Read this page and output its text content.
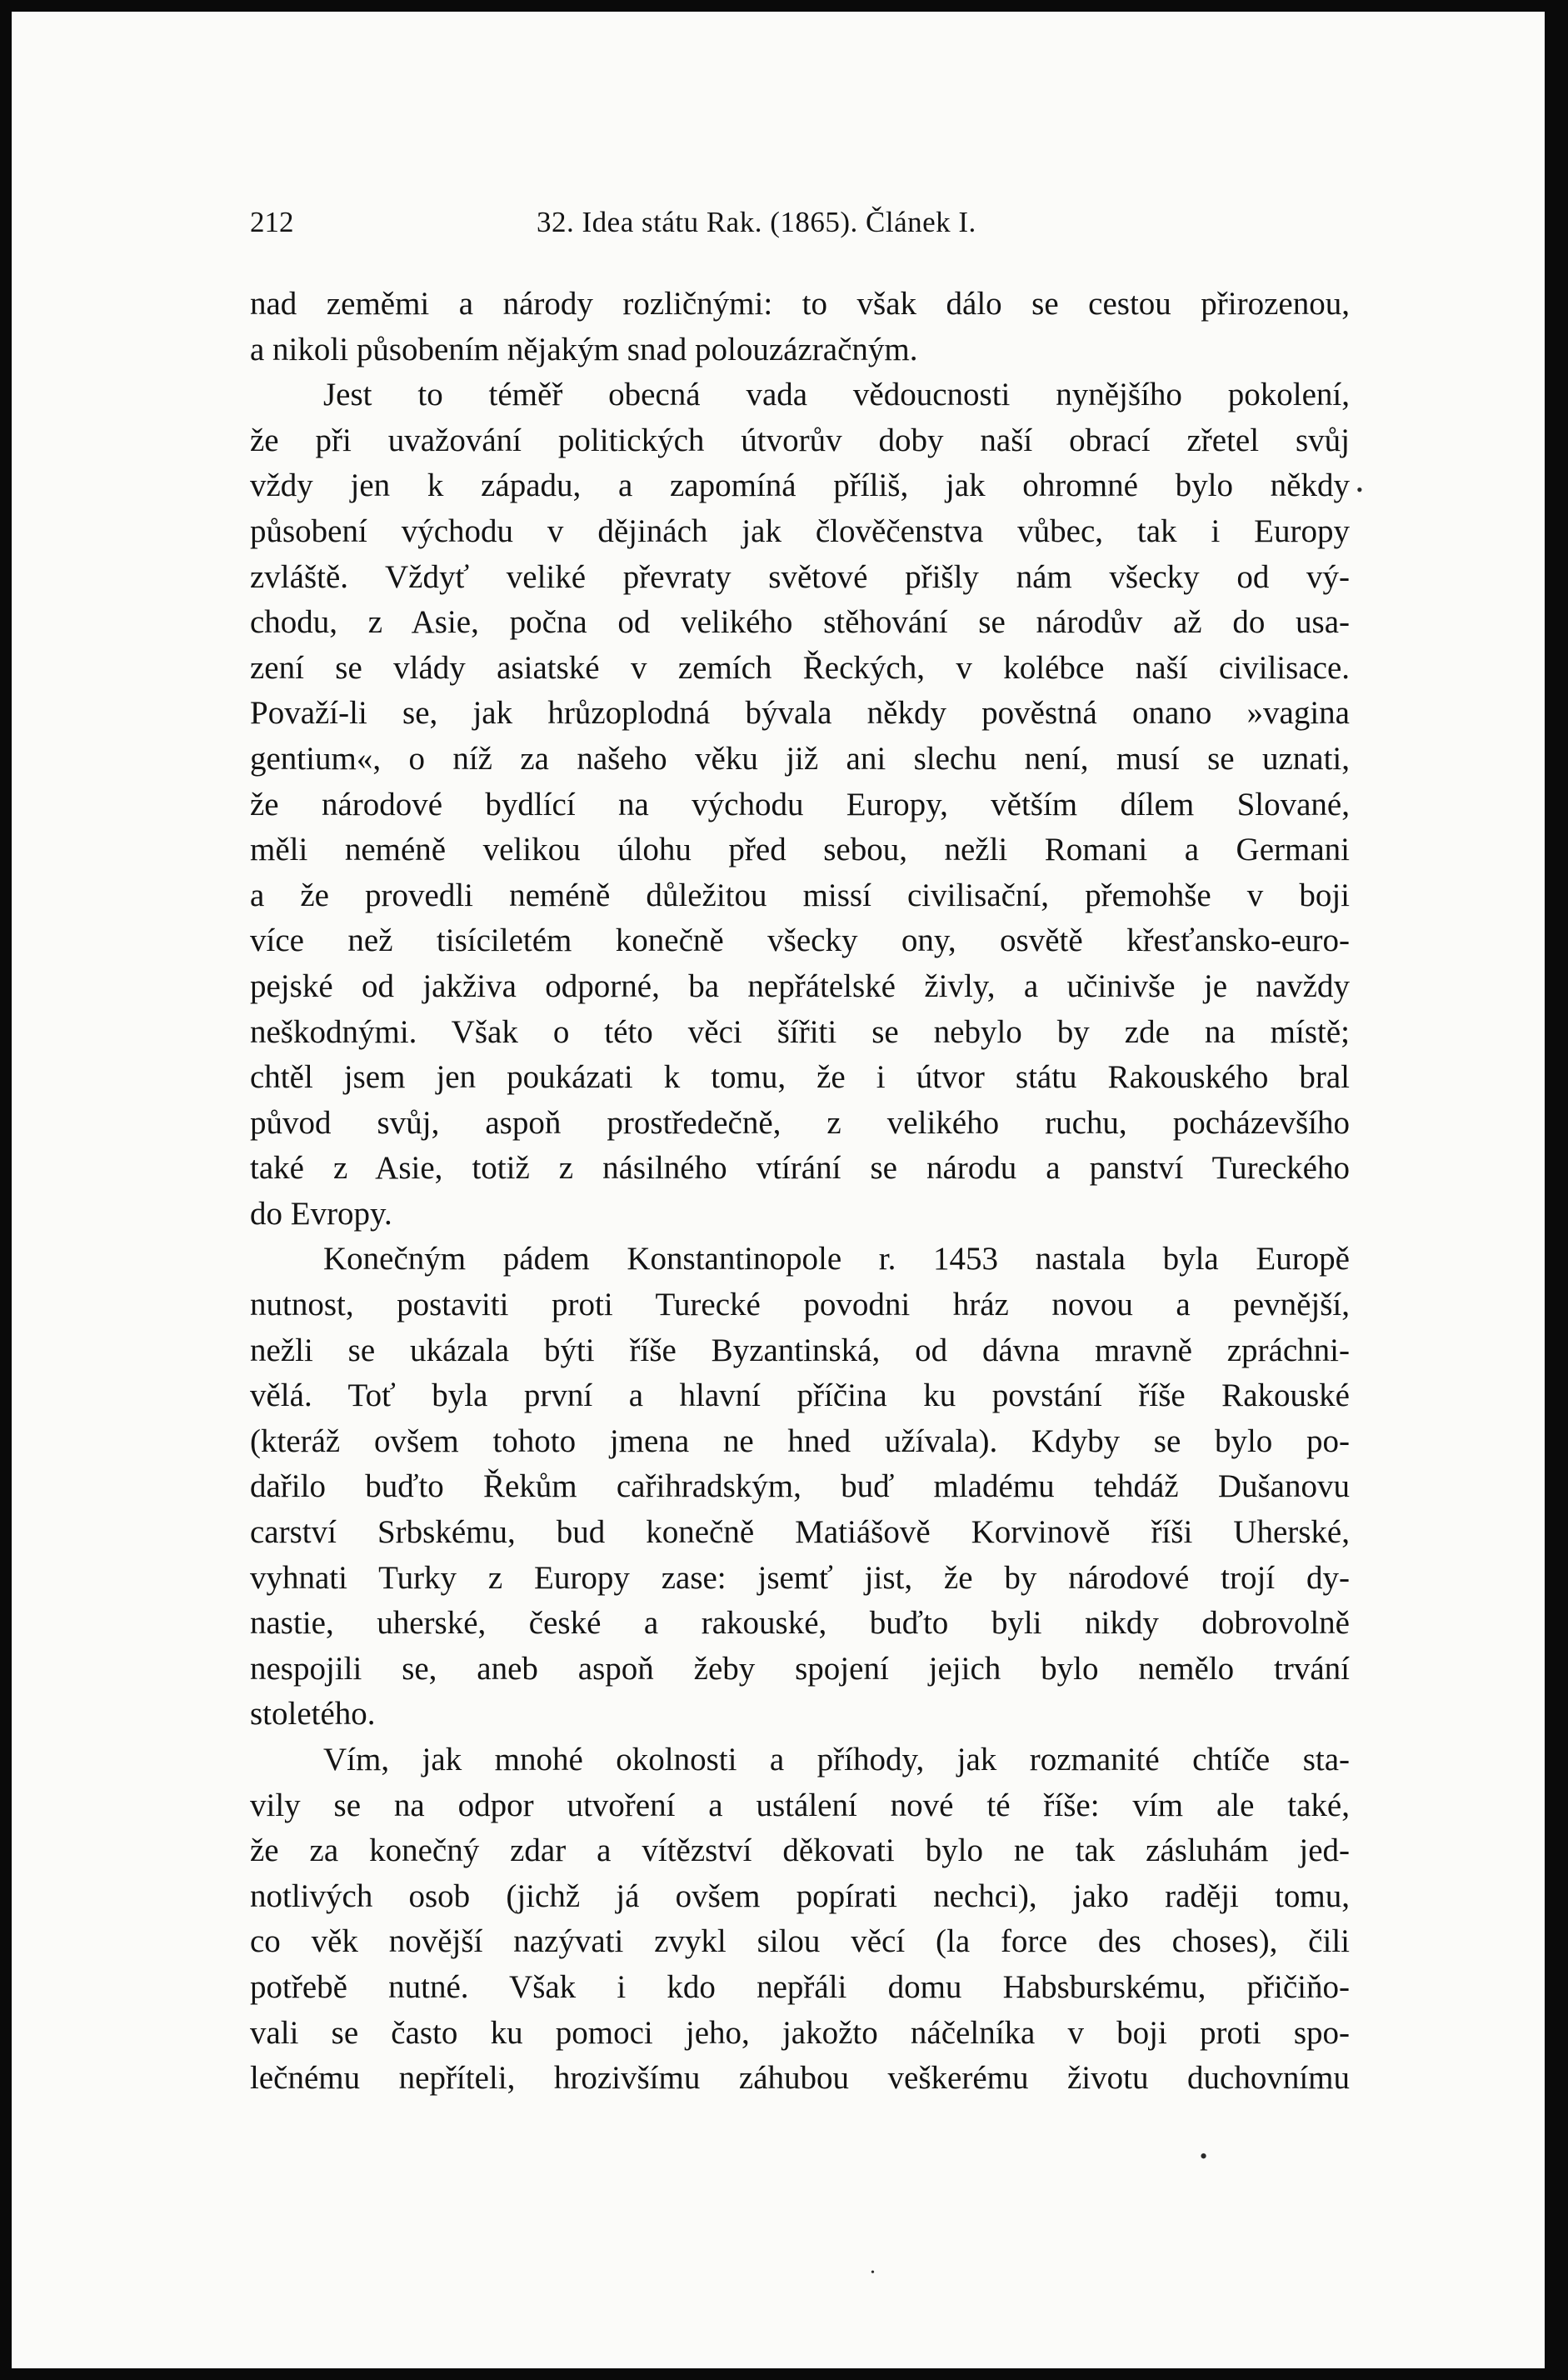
212	32. Idea státu Rak. (1865). Článek I.
nad zeměmi a národy rozličnými: to však dálo se cestou přirozenou,
a nikoli působením nějakým snad polouzázračným.
Jest to téměř obecná vada vědoucnosti nynějšího pokolení,
že při uvažování politických útvorův doby naší obrací zřetel svůj
vždy jen k západu, a zapomíná příliš, jak ohromné bylo někdy
působení východu v dějinách jak člověčenstva vůbec, tak i Europy
zvláště. Vždyť veliké převraty světové přišly nám všecky od vý-
chodu, z Asie, počna od velikého stěhování se národův až do usa-
zení se vlády asiatské v zemích Řeckých, v kolébce naší civilisace.
Považí-li se, jak hrůzoplodná bývala někdy pověstná onano »vagina
gentium«, o níž za našeho věku již ani slechu není, musí se uznati,
že národové bydlící na východu Europy, větším dílem Slované,
měli neméně velikou úlohu před sebou, nežli Romani a Germani
a že provedli neméně důležitou missí civilisační, přemohše v boji
více než tisíciletém konečně všecky ony, osvětě křesťansko-euro-
pejské od jakživa odporné, ba nepřátelské živly, a učinivše je navždy
neškodnými. Však o této věci šířiti se nebylo by zde na místě;
chtěl jsem jen poukázati k tomu, že i útvor státu Rakouského bral
původ svůj, aspoň prostředečně, z velikého ruchu, pocházevšího
také z Asie, totiž z násilného vtírání se národu a panství Tureckého
do Evropy.
Konečným pádem Konstantinopole r. 1453 nastala byla Europě
nutnost, postaviti proti Turecké povodni hráz novou a pevnější,
nežli se ukázala býti říše Byzantinská, od dávna mravně zpráchni-
vělá. Toť byla první a hlavní příčina ku povstání říše Rakouské
(kteráž ovšem tohoto jmena ne hned užívala). Kdyby se bylo po-
dařilo buďto Řekům cařihradským, buď mladému tehdáž Dušanovu
carství Srbskému, bud konečně Matiášově Korvinově říši Uherské,
vyhnati Turky z Europy zase: jsemť jist, že by národové trojí dy-
nastie, uherské, české a rakouské, buďto byli nikdy dobrovolně
nespojili se, aneb aspoň žeby spojení jejich bylo nemělo trvání
stoletého.
Vím, jak mnohé okolnosti a příhody, jak rozmanité chtíče sta-
vily se na odpor utvoření a ustálení nové té říše: vím ale také,
že za konečný zdar a vítězství děkovati bylo ne tak zásluhám jed-
notlivých osob (jichž já ovšem popírati nechci), jako raději tomu,
co věk novější nazývati zvykl silou věcí (la force des choses), čili
potřebě nutné. Však i kdo nepřáli domu Habsburskému, přičiňo-
vali se často ku pomoci jeho, jakožto náčelníka v boji proti spo-
lečnému nepříteli, hrozivšímu záhubou veškerému životu duchovnímu
•
•
•
